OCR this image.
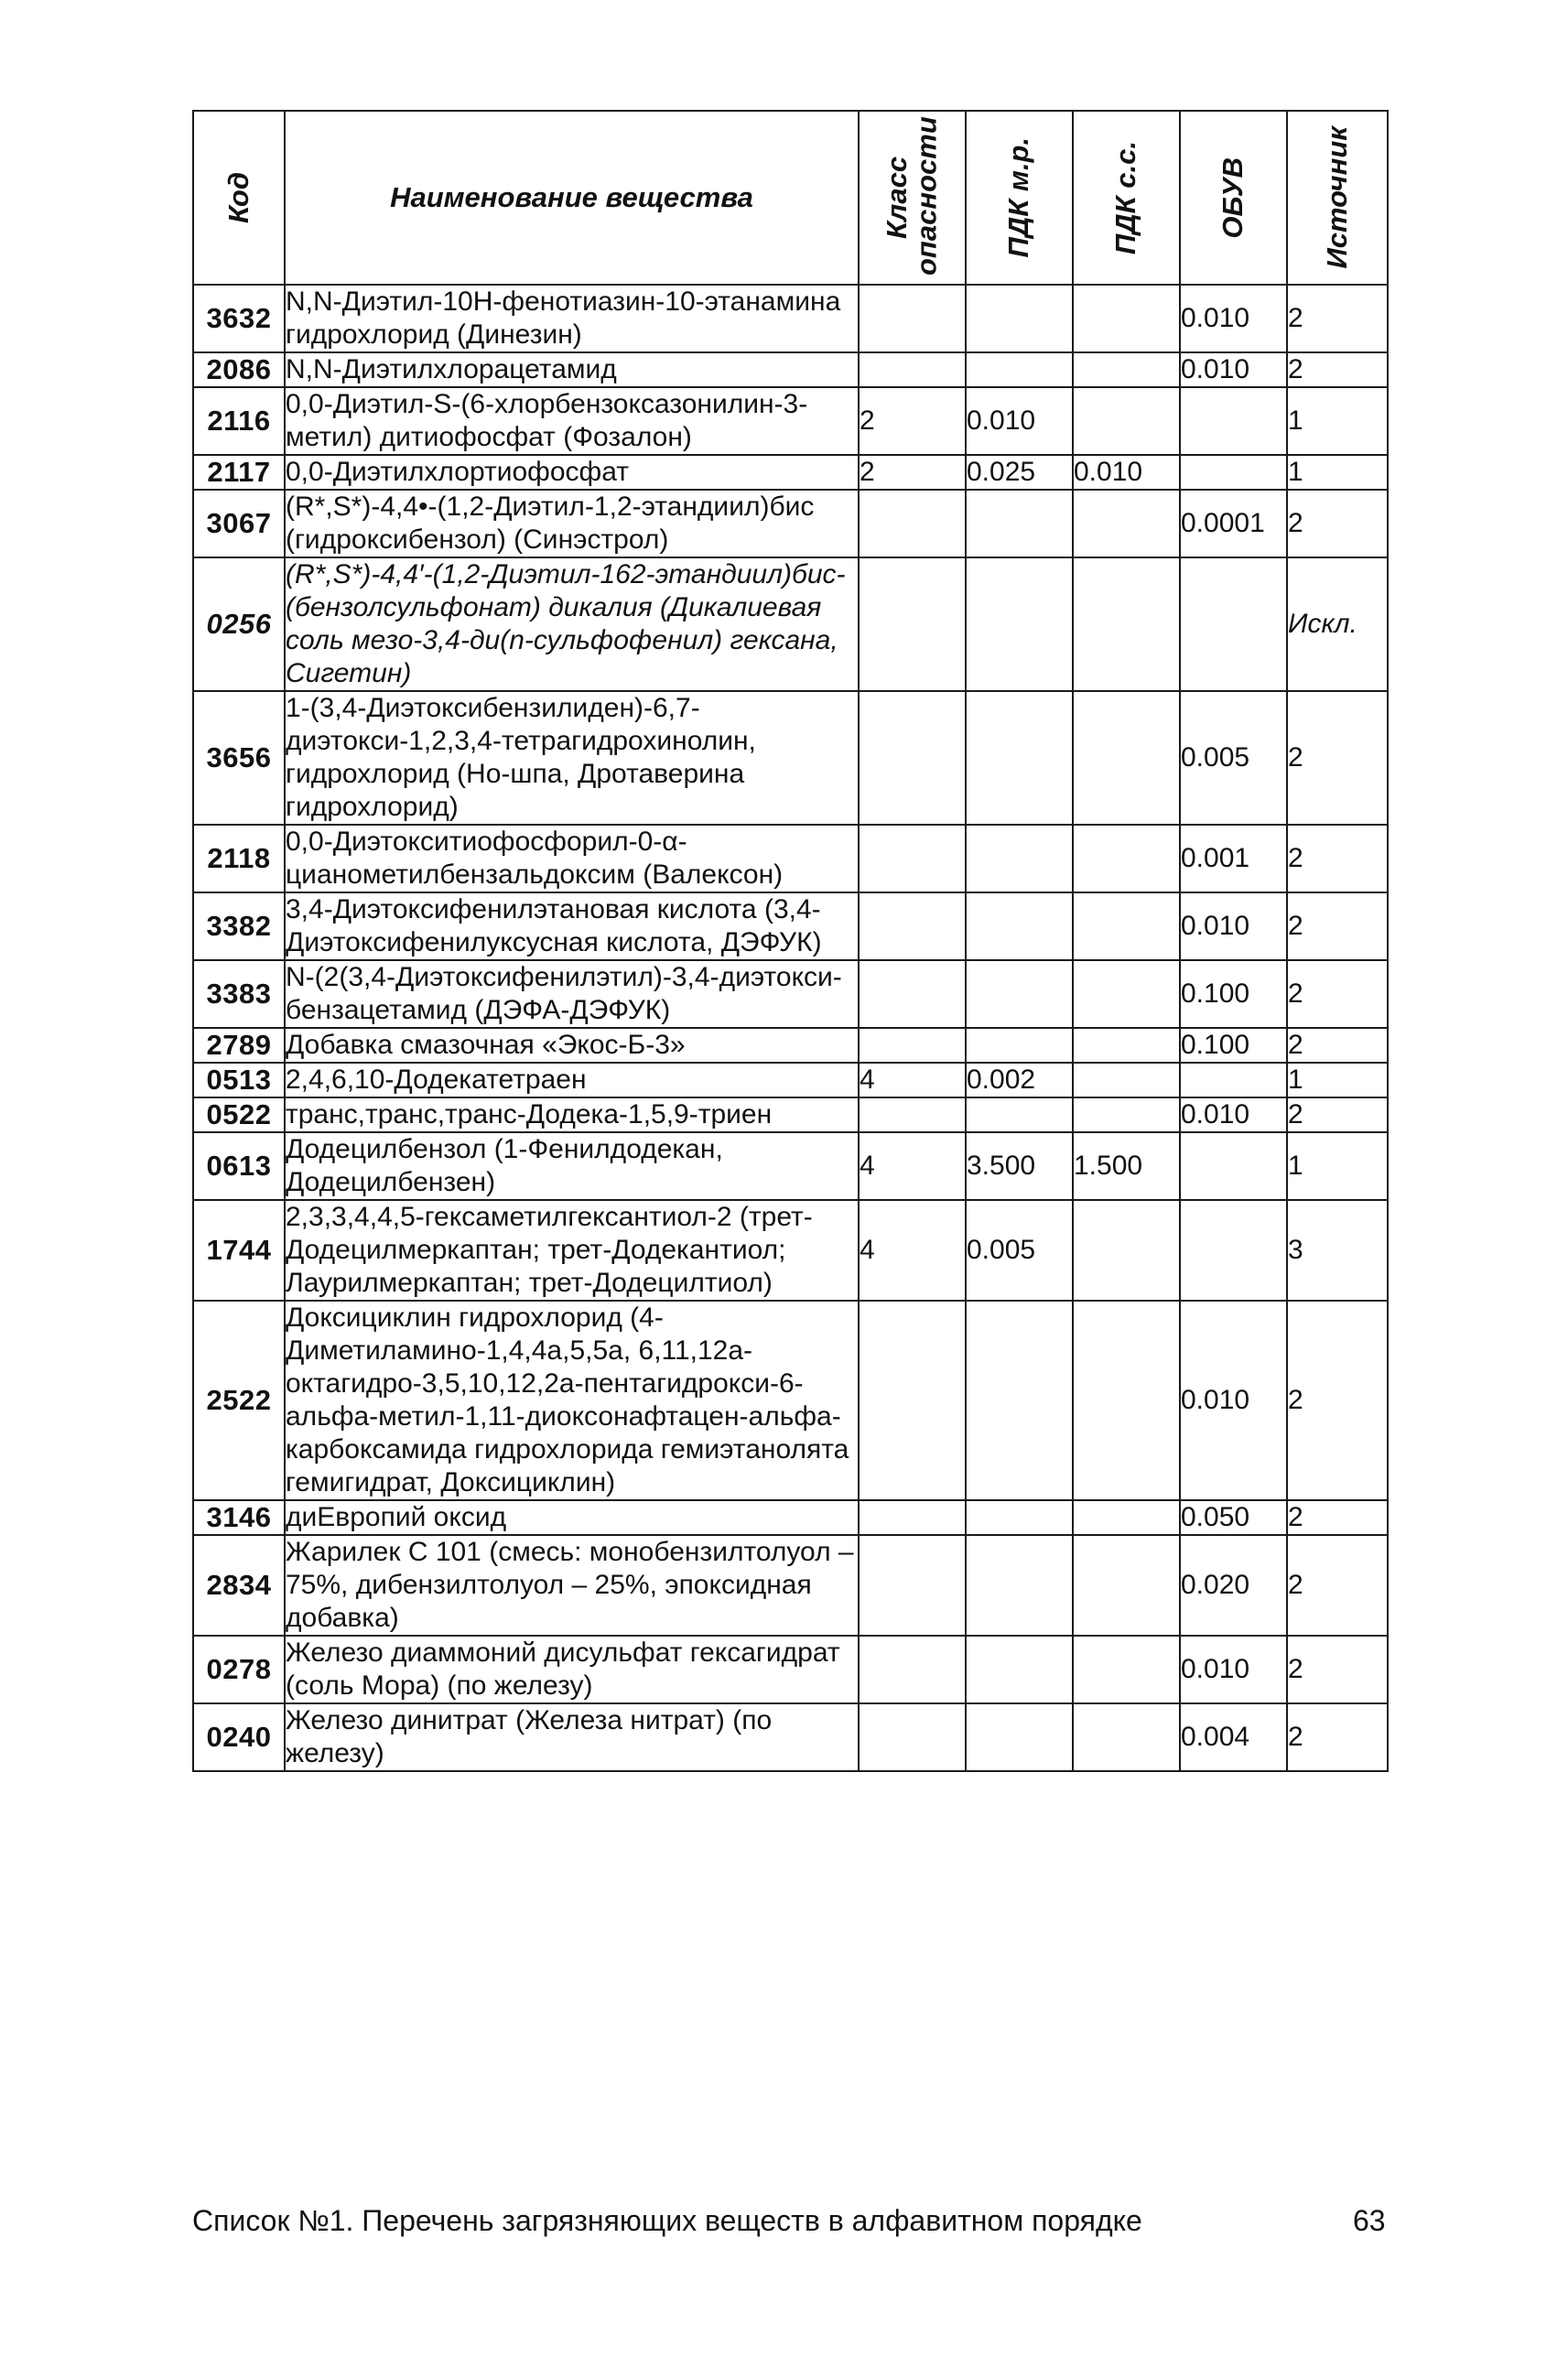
Код	Наименование вещества	Класс опасности	ПДК м.р.	ПДК с.с.	ОБУВ	Источник

3632	N,N-Диэтил-10Н-фенотиазин-10-этанамина гидрохлорид (Динезин)				0.010	2
2086	N,N-Диэтилхлорацетамид				0.010	2
2116	0,0-Диэтил-S-(6-хлорбензоксазонилин-3-метил) дитиофосфат (Фозалон)	2	0.010			1
2117	0,0-Диэтилхлортиофосфат	2	0.025	0.010		1
3067	(R*,S*)-4,4•-(1,2-Диэтил-1,2-этандиил)бис (гидроксибензол) (Синэстрол)				0.0001	2
0256	(R*,S*)-4,4′-(1,2-Диэтил-162-этандиил)бис-(бензолсульфонат) дикалия (Дикалиевая соль мезо-3,4-ди(n-сульфофенил) гексана, Сигетин)					Искл.
3656	1-(3,4-Диэтоксибензилиден)-6,7-диэтокси-1,2,3,4-тетрагидрохинолин, гидрохлорид (Но-шпа, Дротаверина гидрохлорид)				0.005	2
2118	0,0-Диэтокситиофосфорил-0-α-цианометилбензальдоксим (Валексон)				0.001	2
3382	3,4-Диэтоксифенилэтановая кислота (3,4-Диэтоксифенилуксусная кислота, ДЭФУК)				0.010	2
3383	N-(2(3,4-Диэтоксифенилэтил)-3,4-диэтокси-бензацетамид (ДЭФА-ДЭФУК)				0.100	2
2789	Добавка смазочная «Экос-Б-3»				0.100	2
0513	2,4,6,10-Додекатетраен	4	0.002			1
0522	транс,транс,транс-Додека-1,5,9-триен				0.010	2
0613	Додецилбензол (1-Фенилдодекан, Додецилбензен)	4	3.500	1.500		1
1744	2,3,3,4,4,5-гексаметилгексантиол-2 (трет-Додецилмеркаптан; трет-Додекантиол; Лаурилмеркаптан; трет-Додецилтиол)	4	0.005			3
2522	Доксициклин гидрохлорид (4-Диметиламино-1,4,4а,5,5а, 6,11,12а-октагидро-3,5,10,12,2а-пентагидрокси-6-альфа-метил-1,11-диоксонафтацен-альфа-карбоксамида гидрохлорида гемиэтанолята гемигидрат, Доксициклин)				0.010	2
3146	диЕвропий оксид				0.050	2
2834	Жарилек С 101 (смесь: монобензилтолуол – 75%, дибензилтолуол – 25%, эпоксидная добавка)				0.020	2
0278	Железо диаммоний дисульфат гексагидрат (соль Мора) (по железу)				0.010	2
0240	Железо динитрат (Железа нитрат) (по железу)				0.004	2
Список №1. Перечень загрязняющих веществ в алфавитном порядке	63
